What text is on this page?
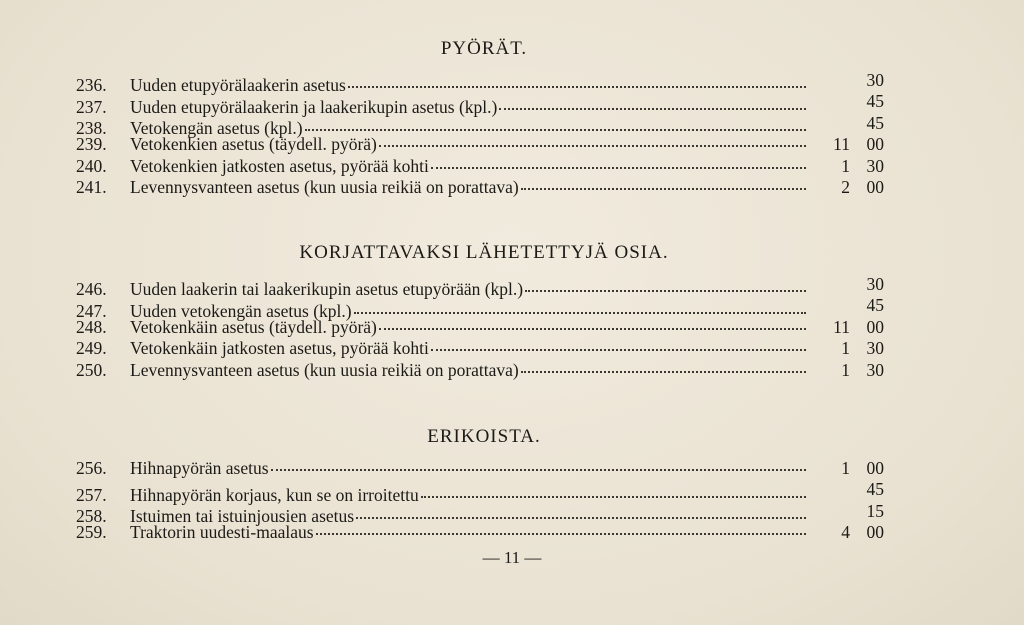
PYÖRÄT.
236.	Uuden etupyörälaakerin asetus	30
237.	Uuden etupyörälaakerin ja laakerikupin asetus (kpl.)	45
238.	Vetokengän asetus (kpl.)	45
239.	Vetokenkien asetus (täydell. pyörä)	11 00
240.	Vetokenkien jatkosten asetus, pyörää kohti	1 30
241.	Levennysvanteen asetus (kun uusia reikiä on porattava)	2 00
KORJATTAVAKSI LÄHETETTYJÄ OSIA.
246.	Uuden laakerin tai laakerikupin asetus etupyörään (kpl.)	30
247.	Uuden vetokengän asetus (kpl.)	45
248.	Vetokenkäin asetus (täydell. pyörä)	11 00
249.	Vetokenkäin jatkosten asetus, pyörää kohti	1 30
250.	Levennysvanteen asetus (kun uusia reikiä on porattava)	1 30
ERIKOISTA.
256.	Hihnapyörän asetus	1 00
257.	Hihnapyörän korjaus, kun se on irroitettu	45
258.	Istuimen tai istuinjousien asetus	15
259.	Traktorin uudesti-maalaus	4 00
— 11 —
